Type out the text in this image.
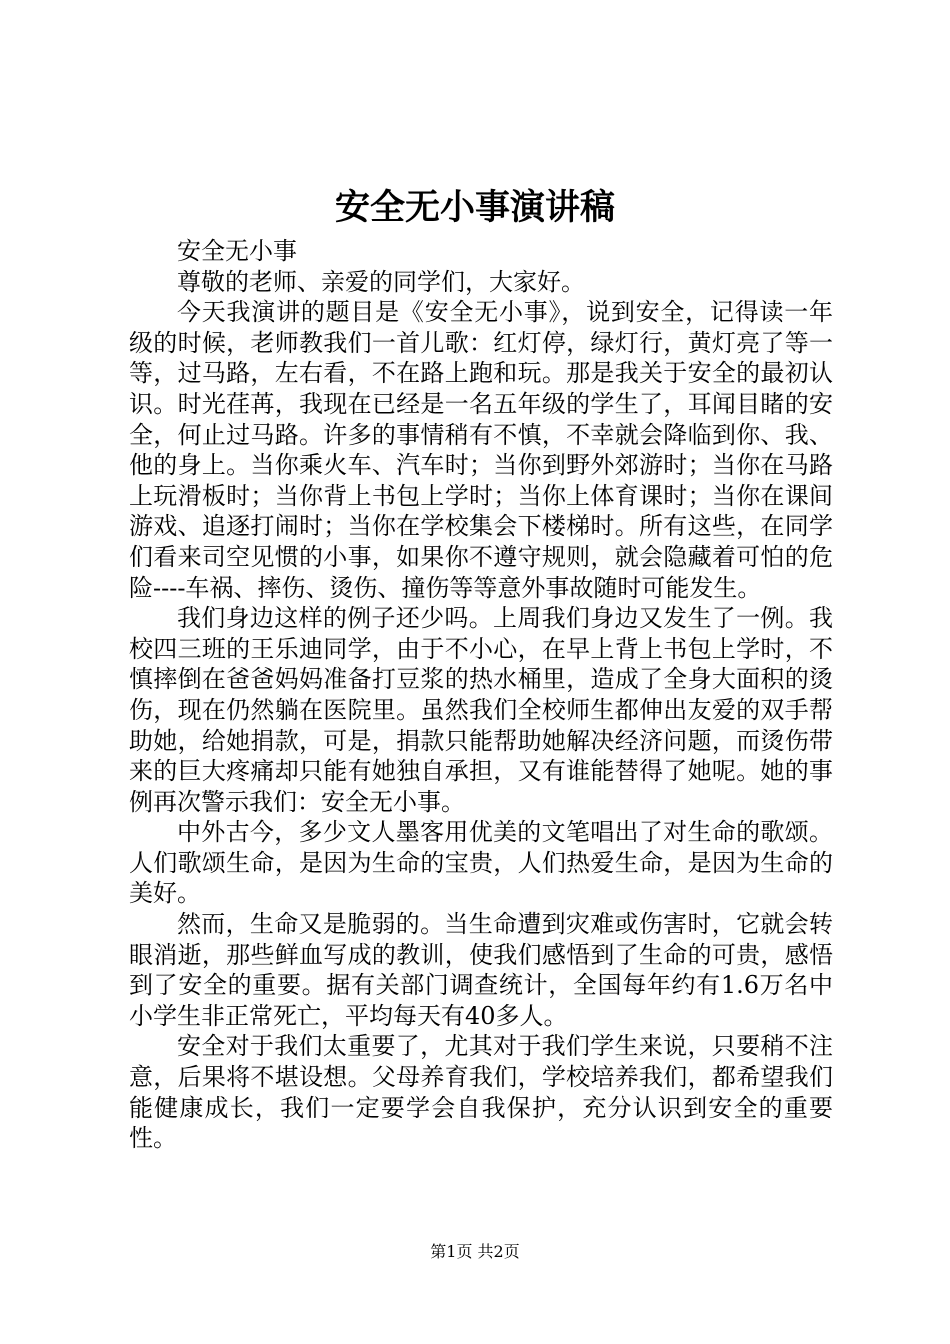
安全无小事演讲稿

安全无小事

尊敬的老师、亲爱的同学们，大家好。

今天我演讲的题目是《安全无小事》，说到安全，记得读一年级的时候，老师教我们一首儿歌：红灯停，绿灯行，黄灯亮了等一等，过马路，左右看，不在路上跑和玩。那是我关于安全的最初认识。时光荏苒，我现在已经是一名五年级的学生了，耳闻目睹的安全，何止过马路。许多的事情稍有不慎，不幸就会降临到你、我、他的身上。当你乘火车、汽车时；当你到野外郊游时；当你在马路上玩滑板时；当你背上书包上学时；当你上体育课时；当你在课间游戏、追逐打闹时；当你在学校集会下楼梯时。所有这些，在同学们看来司空见惯的小事，如果你不遵守规则，就会隐藏着可怕的危险----车祸、摔伤、烫伤、撞伤等等意外事故随时可能发生。

我们身边这样的例子还少吗。上周我们身边又发生了一例。我校四三班的王乐迪同学，由于不小心，在早上背上书包上学时，不慎摔倒在爸爸妈妈准备打豆浆的热水桶里，造成了全身大面积的烫伤，现在仍然躺在医院里。虽然我们全校师生都伸出友爱的双手帮助她，给她捐款，可是，捐款只能帮助她解决经济问题，而烫伤带来的巨大疼痛却只能有她独自承担，又有谁能替得了她呢。她的事例再次警示我们：安全无小事。

中外古今，多少文人墨客用优美的文笔唱出了对生命的歌颂。人们歌颂生命，是因为生命的宝贵，人们热爱生命，是因为生命的美好。

然而，生命又是脆弱的。当生命遭到灾难或伤害时，它就会转眼消逝，那些鲜血写成的教训，使我们感悟到了生命的可贵，感悟到了安全的重要。据有关部门调查统计，全国每年约有1.6万名中小学生非正常死亡，平均每天有40多人。

安全对于我们太重要了，尤其对于我们学生来说，只要稍不注意，后果将不堪设想。父母养育我们，学校培养我们，都希望我们能健康成长，我们一定要学会自我保护，充分认识到安全的重要性。

第1页 共2页
